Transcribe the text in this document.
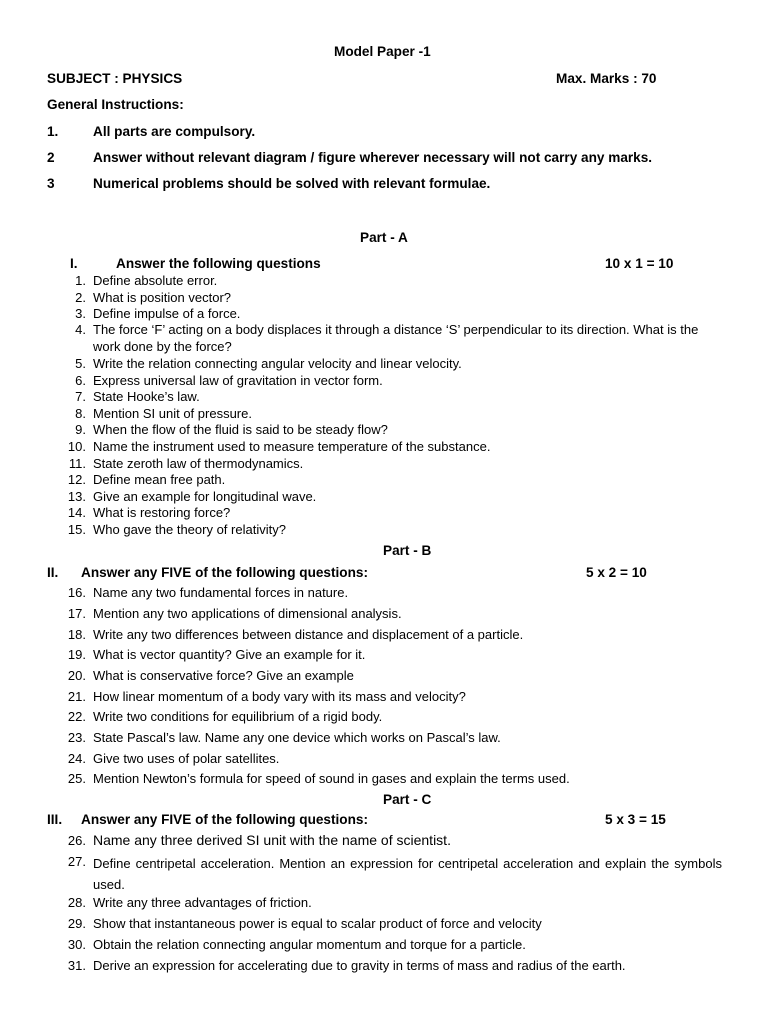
Model Paper -1
SUBJECT : PHYSICS	Max. Marks : 70
General Instructions:
1.	All parts are compulsory.
2	Answer without relevant diagram / figure wherever necessary will not carry any marks.
3	Numerical problems should be solved with relevant formulae.
Part - A
I.	Answer the following questions	10 x 1 = 10
1. Define absolute error.
2. What is position vector?
3. Define impulse of a force.
4. The force ‘F’ acting on a body displaces it through a distance ‘S’ perpendicular to its direction. What is the work done by the force?
5. Write the relation connecting angular velocity and linear velocity.
6. Express universal law of gravitation in vector form.
7. State Hooke’s law.
8. Mention SI unit of pressure.
9. When the flow of the fluid is said to be steady flow?
10. Name the instrument used to measure temperature of the substance.
11. State zeroth law of thermodynamics.
12. Define mean free path.
13. Give an example for longitudinal wave.
14. What is restoring force?
15. Who gave the theory of relativity?
Part - B
II. Answer any FIVE of the following questions:	5 x 2 = 10
16. Name any two fundamental forces in nature.
17. Mention any two applications of dimensional analysis.
18. Write any two differences between distance and displacement of a particle.
19. What is vector quantity? Give an example for it.
20. What is conservative force? Give an example
21. How linear momentum of a body vary with its mass and velocity?
22. Write two conditions for equilibrium of a rigid body.
23. State Pascal’s law. Name any one device which works on Pascal’s law.
24. Give two uses of polar satellites.
25. Mention Newton’s formula for speed of sound in gases and explain the terms used.
Part - C
III. Answer any FIVE of the following questions:	5 x 3 = 15
26. Name any three derived SI unit with the name of scientist.
27. Define centripetal acceleration. Mention an expression for centripetal acceleration and explain the symbols used.
28. Write any three advantages of friction.
29. Show that instantaneous power is equal to scalar product of force and velocity
30. Obtain the relation connecting angular momentum and torque for a particle.
31. Derive an expression for accelerating due to gravity in terms of mass and radius of the earth.
